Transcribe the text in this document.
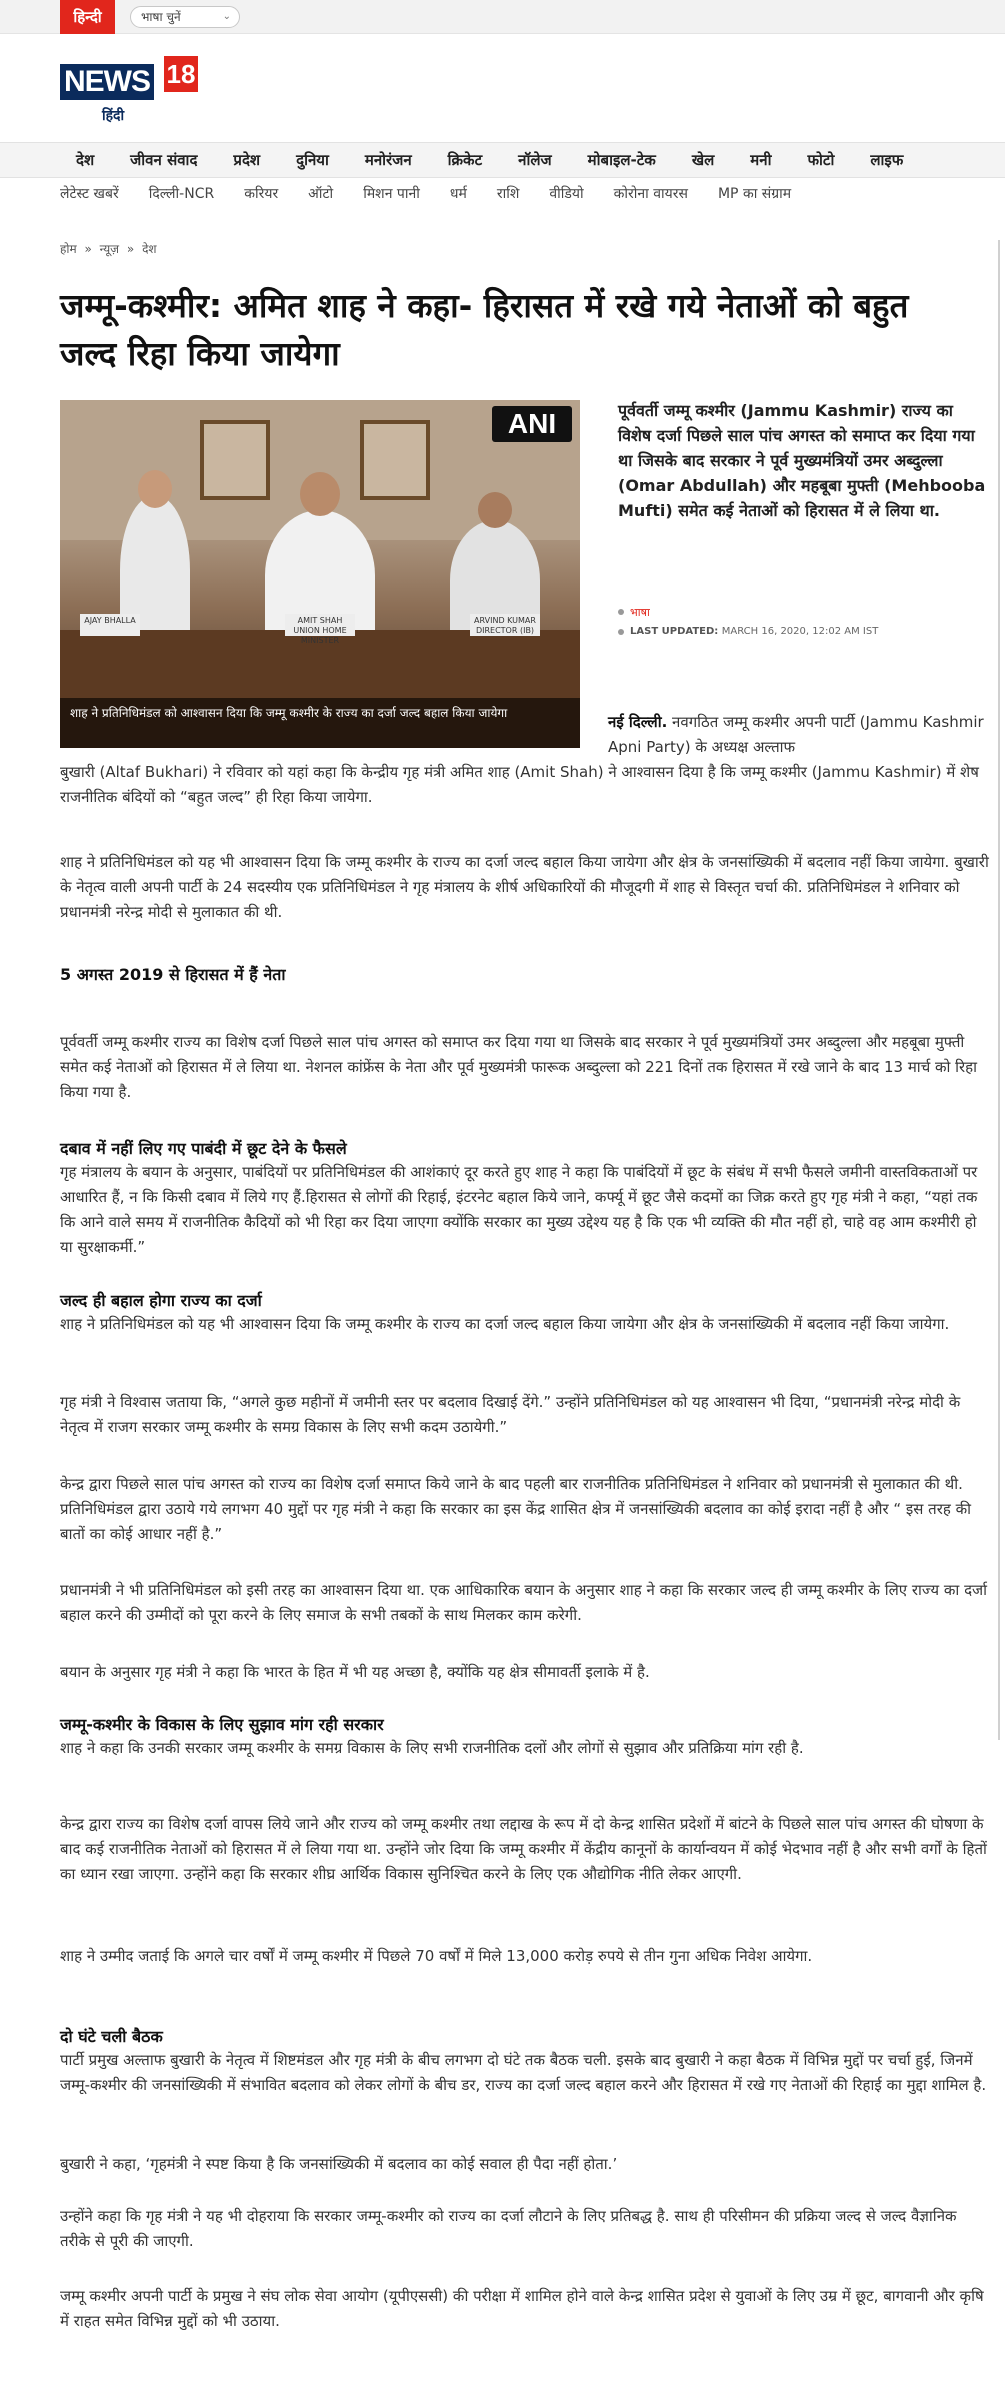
हिन्दी	भाषा चुनें	⌄
NEWS 18
हिंदी
देश जीवन संवाद प्रदेश दुनिया मनोरंजन क्रिकेट नॉलेज मोबाइल-टेक खेल मनी फोटो लाइफ
लेटेस्ट खबरें दिल्ली-NCR करियर ऑटो मिशन पानी धर्म राशि वीडियो कोरोना वायरस MP का संग्राम
होम » न्यूज़ » देश
जम्मू-कश्मीर: अमित शाह ने कहा- हिरासत में रखे गये नेताओं को बहुत जल्द रिहा किया जायेगा
AJAY BHALLA	AMIT SHAH
UNION HOME MINISTER
ARVIND KUMAR
DIRECTOR (IB)
ANI
शाह ने प्रतिनिधिमंडल को आश्वासन दिया कि जम्मू कश्मीर के राज्य का दर्जा जल्द बहाल किया जायेगा

पूर्ववर्ती जम्मू कश्मीर (Jammu Kashmir) राज्य का विशेष दर्जा पिछले साल पांच अगस्त को समाप्त कर दिया गया था जिसके बाद सरकार ने पूर्व मुख्यमंत्रियों उमर अब्दुल्ला (Omar Abdullah) और महबूबा मुफ्ती (Mehbooba Mufti) समेत कई नेताओं को हिरासत में ले लिया था.

भाषा
LAST UPDATED: MARCH 16, 2020, 12:02 AM IST

नई दिल्ली. नवगठित जम्मू कश्मीर अपनी पार्टी (Jammu Kashmir Apni Party) के अध्यक्ष अल्ताफ
बुखारी (Altaf Bukhari) ने रविवार को यहां कहा कि केन्द्रीय गृह मंत्री अमित शाह (Amit Shah) ने आश्वासन दिया है कि जम्मू कश्मीर (Jammu Kashmir) में शेष राजनीतिक बंदियों को “बहुत जल्द” ही रिहा किया जायेगा.

शाह ने प्रतिनिधिमंडल को यह भी आश्वासन दिया कि जम्मू कश्मीर के राज्य का दर्जा जल्द बहाल किया जायेगा और क्षेत्र के जनसांख्यिकी में बदलाव नहीं किया जायेगा. बुखारी के नेतृत्व वाली अपनी पार्टी के 24 सदस्यीय एक प्रतिनिधिमंडल ने गृह मंत्रालय के शीर्ष अधिकारियों की मौजूदगी में शाह से विस्तृत चर्चा की. प्रतिनिधिमंडल ने शनिवार को प्रधानमंत्री नरेन्द्र मोदी से मुलाकात की थी.

5 अगस्त 2019 से हिरासत में हैं नेता

पूर्ववर्ती जम्मू कश्मीर राज्य का विशेष दर्जा पिछले साल पांच अगस्त को समाप्त कर दिया गया था जिसके बाद सरकार ने पूर्व मुख्यमंत्रियों उमर अब्दुल्ला और महबूबा मुफ्ती समेत कई नेताओं को हिरासत में ले लिया था. नेशनल कांफ्रेंस के नेता और पूर्व मुख्यमंत्री फारूक अब्दुल्ला को 221 दिनों तक हिरासत में रखे जाने के बाद 13 मार्च को रिहा किया गया है.

दबाव में नहीं लिए गए पाबंदी में छूट देने के फैसले

गृह मंत्रालय के बयान के अनुसार, पाबंदियों पर प्रतिनिधिमंडल की आशंकाएं दूर करते हुए शाह ने कहा कि पाबंदियों में छूट के संबंध में सभी फैसले जमीनी वास्तविकताओं पर आधारित हैं, न कि किसी दबाव में लिये गए हैं.हिरासत से लोगों की रिहाई, इंटरनेट बहाल किये जाने, कर्फ्यू में छूट जैसे कदमों का जिक्र करते हुए गृह मंत्री ने कहा, “यहां तक कि आने वाले समय में राजनीतिक कैदियों को भी रिहा कर दिया जाएगा क्योंकि सरकार का मुख्य उद्देश्य यह है कि एक भी व्यक्ति की मौत नहीं हो, चाहे वह आम कश्मीरी हो या सुरक्षाकर्मी.”

जल्द ही बहाल होगा राज्य का दर्जा

शाह ने प्रतिनिधिमंडल को यह भी आश्वासन दिया कि जम्मू कश्मीर के राज्य का दर्जा जल्द बहाल किया जायेगा और क्षेत्र के जनसांख्यिकी में बदलाव नहीं किया जायेगा.

गृह मंत्री ने विश्वास जताया कि, “अगले कुछ महीनों में जमीनी स्तर पर बदलाव दिखाई देंगे.” उन्होंने प्रतिनिधिमंडल को यह आश्वासन भी दिया, “प्रधानमंत्री नरेन्द्र मोदी के नेतृत्व में राजग सरकार जम्मू कश्मीर के समग्र विकास के लिए सभी कदम उठायेगी.”

केन्द्र द्वारा पिछले साल पांच अगस्त को राज्य का विशेष दर्जा समाप्त किये जाने के बाद पहली बार राजनीतिक प्रतिनिधिमंडल ने शनिवार को प्रधानमंत्री से मुलाकात की थी. प्रतिनिधिमंडल द्वारा उठाये गये लगभग 40 मुद्दों पर गृह मंत्री ने कहा कि सरकार का इस केंद्र शासित क्षेत्र में जनसांख्यिकी बदलाव का कोई इरादा नहीं है और “ इस तरह की बातों का कोई आधार नहीं है.”

प्रधानमंत्री ने भी प्रतिनिधिमंडल को इसी तरह का आश्वासन दिया था. एक आधिकारिक बयान के अनुसार शाह ने कहा कि सरकार जल्द ही जम्मू कश्मीर के लिए राज्य का दर्जा बहाल करने की उम्मीदों को पूरा करने के लिए समाज के सभी तबकों के साथ मिलकर काम करेगी.

बयान के अनुसार गृह मंत्री ने कहा कि भारत के हित में भी यह अच्छा है, क्योंकि यह क्षेत्र सीमावर्ती इलाके में है.

जम्मू-कश्मीर के विकास के लिए सुझाव मांग रही सरकार

शाह ने कहा कि उनकी सरकार जम्मू कश्मीर के समग्र विकास के लिए सभी राजनीतिक दलों और लोगों से सुझाव और प्रतिक्रिया मांग रही है.

केन्द्र द्वारा राज्य का विशेष दर्जा वापस लिये जाने और राज्य को जम्मू कश्मीर तथा लद्दाख के रूप में दो केन्द्र शासित प्रदेशों में बांटने के पिछले साल पांच अगस्त की घोषणा के बाद कई राजनीतिक नेताओं को हिरासत में ले लिया गया था. उन्होंने जोर दिया कि जम्मू कश्मीर में केंद्रीय कानूनों के कार्यान्वयन में कोई भेदभाव नहीं है और सभी वर्गों के हितों का ध्यान रखा जाएगा. उन्होंने कहा कि सरकार शीघ्र आर्थिक विकास सुनिश्चित करने के लिए एक औद्योगिक नीति लेकर आएगी.

शाह ने उम्मीद जताई कि अगले चार वर्षों में जम्मू कश्मीर में पिछले 70 वर्षों में मिले 13,000 करोड़ रुपये से तीन गुना अधिक निवेश आयेगा.

दो घंटे चली बैठक

पार्टी प्रमुख अल्ताफ बुखारी के नेतृत्व में शिष्टमंडल और गृह मंत्री के बीच लगभग दो घंटे तक बैठक चली. इसके बाद बुखारी ने कहा बैठक में विभिन्न मुद्दों पर चर्चा हुई, जिनमें जम्मू-कश्मीर की जनसांख्यिकी में संभावित बदलाव को लेकर लोगों के बीच डर, राज्य का दर्जा जल्द बहाल करने और हिरासत में रखे गए नेताओं की रिहाई का मुद्दा शामिल है.

बुखारी ने कहा, ‘गृहमंत्री ने स्पष्ट किया है कि जनसांख्यिकी में बदलाव का कोई सवाल ही पैदा नहीं होता.’

उन्होंने कहा कि गृह मंत्री ने यह भी दोहराया कि सरकार जम्मू-कश्मीर को राज्य का दर्जा लौटाने के लिए प्रतिबद्ध है. साथ ही परिसीमन की प्रक्रिया जल्द से जल्द वैज्ञानिक तरीके से पूरी की जाएगी.

जम्मू कश्मीर अपनी पार्टी के प्रमुख ने संघ लोक सेवा आयोग (यूपीएससी) की परीक्षा में शामिल होने वाले केन्द्र शासित प्रदेश से युवाओं के लिए उम्र में छूट, बागवानी और कृषि में राहत समेत विभिन्न मुद्दों को भी उठाया.
